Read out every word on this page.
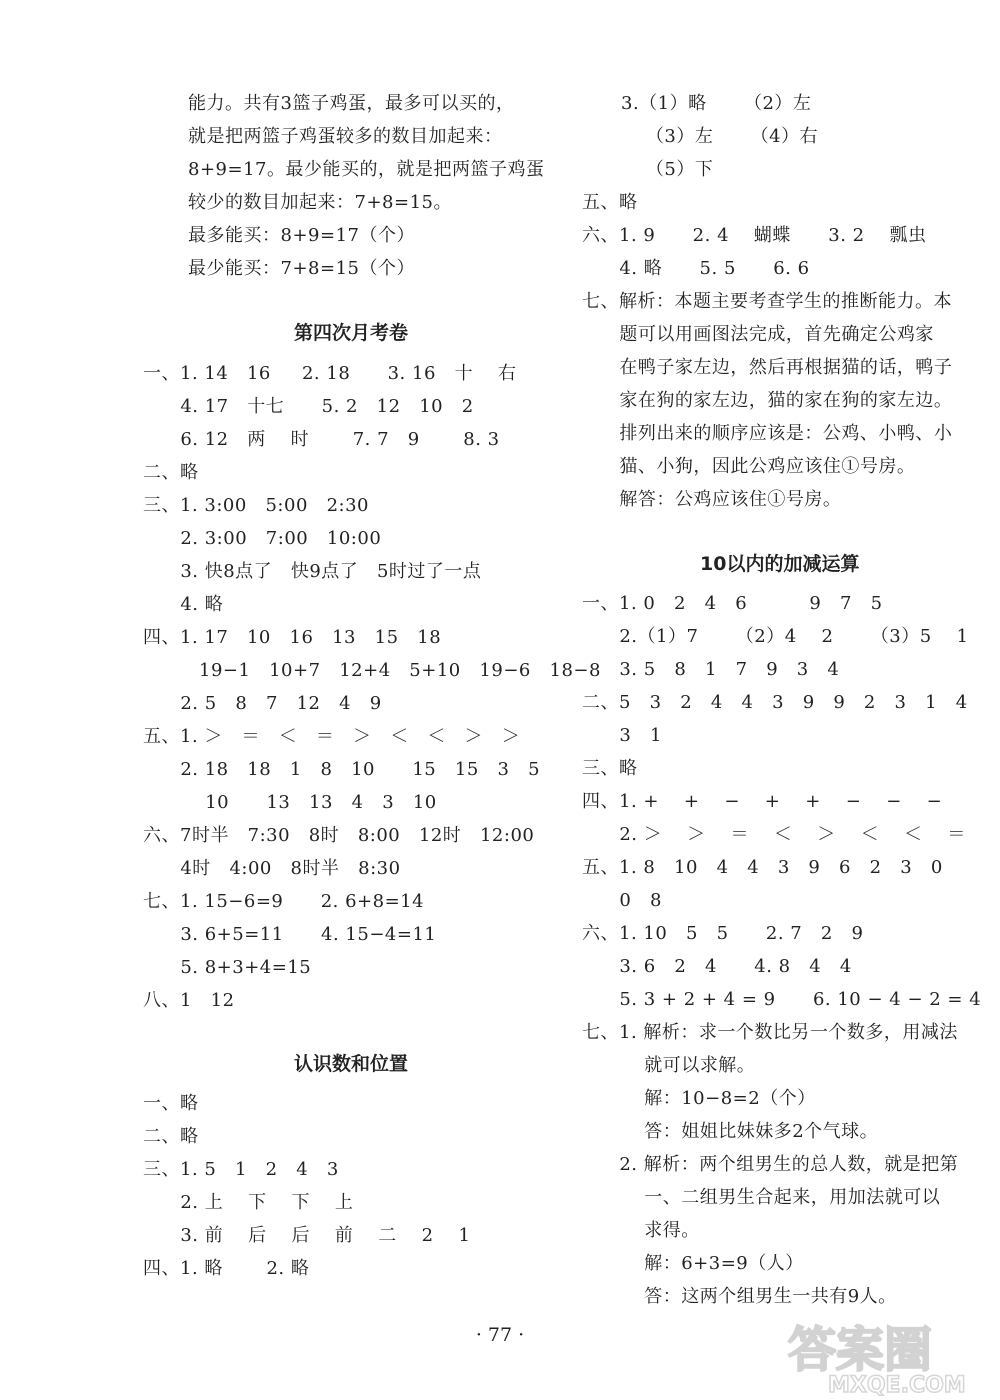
能力。共有3篮子鸡蛋，最多可以买的，
就是把两篮子鸡蛋较多的数目加起来：
8+9=17。最少能买的，就是把两篮子鸡蛋
较少的数目加起来：7+8=15。
最多能买：8+9=17（个）
最少能买：7+8=15（个）
第四次月考卷
一、1. 14   16     2. 18      3. 16   十    右
4. 17   十七      5. 2   12   10   2
6. 12   两    时       7. 7   9       8. 3
二、略
三、1. 3:00   5:00   2:30
2. 3:00   7:00   10:00
3. 快8点了   快9点了   5时过了一点
4. 略
四、1. 17   10   16   13   15   18
19−1   10+7   12+4   5+10   19−6   18−8
2. 5   8   7   12   4   9
五、1. ＞   ＝   ＜   ＝   ＞   ＜   ＜   ＞   ＞
2. 18   18   1   8   10      15   15   3   5
10      13   13   4   3   10
六、7时半   7:30   8时   8:00   12时   12:00
4时   4:00   8时半   8:30
七、1. 15−6=9      2. 6+8=14
3. 6+5=11      4. 15−4=11
5. 8+3+4=15
八、1   12
认识数和位置
一、略
二、略
三、1. 5   1   2   4   3
2. 上    下    下    上
3. 前    后    后    前    二    2    1
四、1. 略       2. 略
3.（1）略      （2）左
（3）左      （4）右
（5）下
五、略
六、1. 9      2. 4    蝴蝶      3. 2    瓢虫
4. 略      5. 5      6. 6
七、解析：本题主要考查学生的推断能力。本
题可以用画图法完成，首先确定公鸡家
在鸭子家左边，然后再根据猫的话，鸭子
家在狗的家左边，猫的家在狗的家左边。
排列出来的顺序应该是：公鸡、小鸭、小
猫、小狗，因此公鸡应该住①号房。
解答：公鸡应该住①号房。
10以内的加减运算
一、1. 0   2   4   6          9   7   5
2.（1）7      （2）4    2      （3）5    1
3. 5   8   1   7   9   3   4
二、5   3   2   4   4   3   9   9   2   3   1   4
3   1
三、略
四、1. +    +    −    +    +    −    −    −
2. ＞    ＞    ＝    ＜    ＞    ＜    ＜    ＝
五、1. 8   10   4   4   3   9   6   2   3   0
0   8
六、1. 10   5   5      2. 7   2   9
3. 6   2   4      4. 8   4   4
5. 3 + 2 + 4 = 9      6. 10 − 4 − 2 = 4
七、1. 解析：求一个数比另一个数多，用减法
就可以求解。
解：10−8=2（个）
答：姐姐比妹妹多2个气球。
2. 解析：两个组男生的总人数，就是把第
一、二组男生合起来，用加法就可以
求得。
解：6+3=9（人）
答：这两个组男生一共有9人。
· 77 ·	答案圈
MXQE.COM
